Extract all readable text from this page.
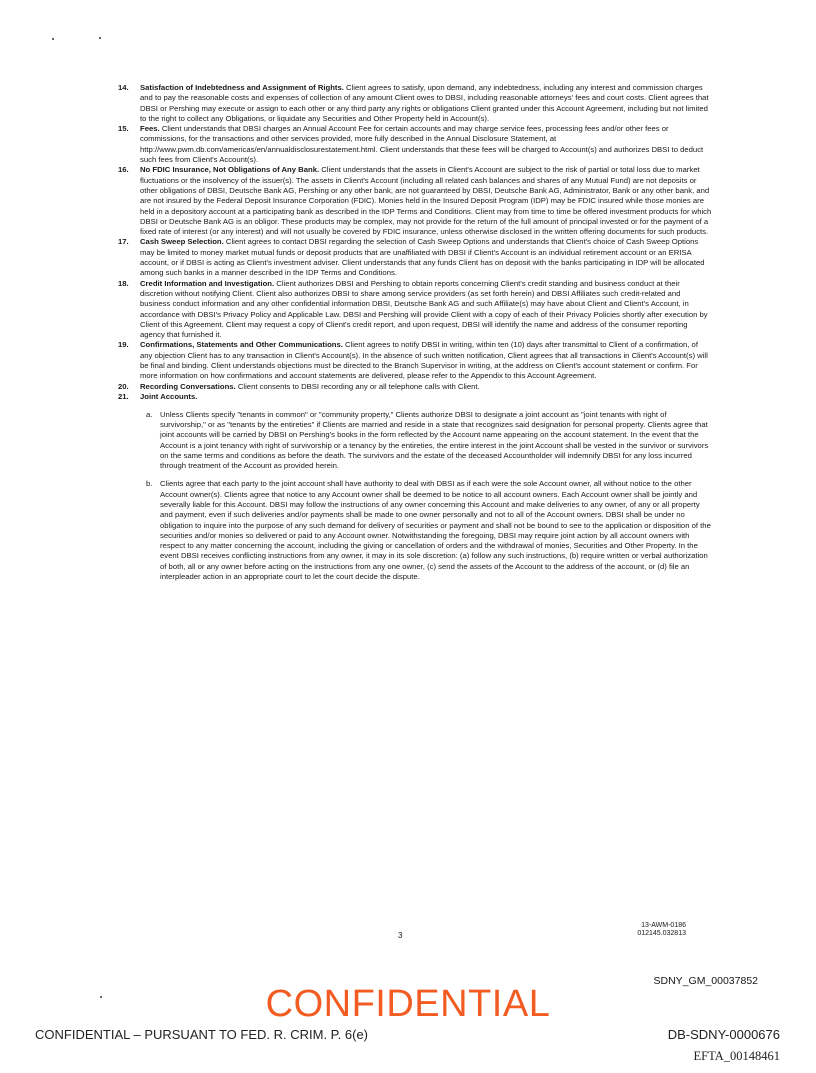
14. Satisfaction of Indebtedness and Assignment of Rights. Client agrees to satisfy, upon demand, any indebtedness, including any interest and commission charges and to pay the reasonable costs and expenses of collection of any amount Client owes to DBSI, including reasonable attorneys' fees and court costs. Client agrees that DBSI or Pershing may execute or assign to each other or any third party any rights or obligations Client granted under this Account Agreement, including but not limited to the right to collect any Obligations, or liquidate any Securities and Other Property held in Account(s).

15. Fees. Client understands that DBSI charges an Annual Account Fee for certain accounts and may charge service fees, processing fees and/or other fees or commissions, for the transactions and other services provided, more fully described in the Annual Disclosure Statement, at http://www.pwm.db.com/americas/en/annualdisclosurestatement.html. Client understands that these fees will be charged to Account(s) and authorizes DBSI to deduct such fees from Client's Account(s).

16. No FDIC Insurance, Not Obligations of Any Bank. Client understands that the assets in Client's Account are subject to the risk of partial or total loss due to market fluctuations or the insolvency of the issuer(s). The assets in Client's Account (including all related cash balances and shares of any Mutual Fund) are not deposits or other obligations of DBSI, Deutsche Bank AG, Pershing or any other bank, are not guaranteed by DBSI, Deutsche Bank AG, Administrator, Bank or any other bank, and are not insured by the Federal Deposit Insurance Corporation (FDIC). Monies held in the Insured Deposit Program (IDP) may be FDIC insured while those monies are held in a depository account at a participating bank as described in the IDP Terms and Conditions. Client may from time to time be offered investment products for which DBSI or Deutsche Bank AG is an obligor. These products may be complex, may not provide for the return of the full amount of principal invested or for the payment of a fixed rate of interest (or any interest) and will not usually be covered by FDIC insurance, unless otherwise disclosed in the written offering documents for such products.

17. Cash Sweep Selection. Client agrees to contact DBSI regarding the selection of Cash Sweep Options and understands that Client's choice of Cash Sweep Options may be limited to money market mutual funds or deposit products that are unaffiliated with DBSI if Client's Account is an individual retirement account or an ERISA account, or if DBSI is acting as Client's investment adviser. Client understands that any funds Client has on deposit with the banks participating in IDP will be allocated among such banks in a manner described in the IDP Terms and Conditions.

18. Credit Information and Investigation. Client authorizes DBSI and Pershing to obtain reports concerning Client's credit standing and business conduct at their discretion without notifying Client. Client also authorizes DBSI to share among service providers (as set forth herein) and DBSI Affiliates such credit-related and business conduct information and any other confidential information DBSI, Deutsche Bank AG and such Affiliate(s) may have about Client and Client's Account, in accordance with DBSI's Privacy Policy and Applicable Law. DBSI and Pershing will provide Client with a copy of each of their Privacy Policies shortly after execution by Client of this Agreement. Client may request a copy of Client's credit report, and upon request, DBSI will identify the name and address of the consumer reporting agency that furnished it.

19. Confirmations, Statements and Other Communications. Client agrees to notify DBSI in writing, within ten (10) days after transmittal to Client of a confirmation, of any objection Client has to any transaction in Client's Account(s). In the absence of such written notification, Client agrees that all transactions in Client's Account(s) will be final and binding. Client understands objections must be directed to the Branch Supervisor in writing, at the address on Client's account statement or confirm. For more information on how confirmations and account statements are delivered, please refer to the Appendix to this Account Agreement.

20. Recording Conversations. Client consents to DBSI recording any or all telephone calls with Client.

21. Joint Accounts.

a. Unless Clients specify "tenants in common" or "community property," Clients authorize DBSI to designate a joint account as "joint tenants with right of survivorship," or as "tenants by the entireties" if Clients are married and reside in a state that recognizes said designation for personal property. Clients agree that joint accounts will be carried by DBSI on Pershing's books in the form reflected by the Account name appearing on the account statement. In the event that the Account is a joint tenancy with right of survivorship or a tenancy by the entireties, the entire interest in the joint Account shall be vested in the survivor or survivors on the same terms and conditions as before the death. The survivors and the estate of the deceased Accountholder will indemnify DBSI for any loss incurred through treatment of the Account as provided herein.

b. Clients agree that each party to the joint account shall have authority to deal with DBSI as if each were the sole Account owner, all without notice to the other Account owner(s). Clients agree that notice to any Account owner shall be deemed to be notice to all account owners. Each Account owner shall be jointly and severally liable for this Account. DBSI may follow the instructions of any owner concerning this Account and make deliveries to any owner, of any or all property and payment, even if such deliveries and/or payments shall be made to one owner personally and not to all of the Account owners. DBSI shall be under no obligation to inquire into the purpose of any such demand for delivery of securities or payment and shall not be bound to see to the application or disposition of the securities and/or monies so delivered or paid to any Account owner. Notwithstanding the foregoing, DBSI may require joint action by all account owners with respect to any matter concerning the account, including the giving or cancellation of orders and the withdrawal of monies, Securities and Other Property. In the event DBSI receives conflicting instructions from any owner, it may in its sole discretion: (a) follow any such instructions, (b) require written or verbal authorization of both, all or any owner before acting on the instructions from any one owner, (c) send the assets of the Account to the address of the account, or (d) file an interpleader action in an appropriate court to let the court decide the dispute.

3
13-AWM-0186
012145.032813
SDNY_GM_00037852
CONFIDENTIAL
CONFIDENTIAL – PURSUANT TO FED. R. CRIM. P. 6(e)	DB-SDNY-0000676
EFTA_00148461
